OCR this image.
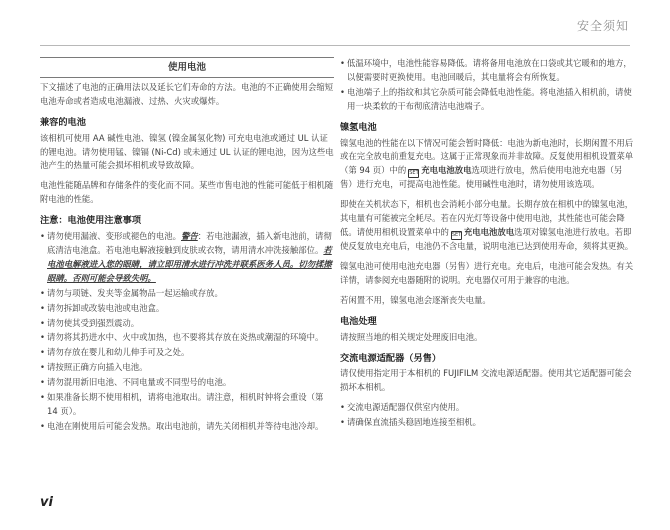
安全须知
使用电池

下文描述了电池的正确用法以及延长它们寿命的方法。电池的不正确使用会缩短电池寿命或者造成电池漏液、过热、火灾或爆炸。

兼容的电池

该相机可使用 AA 碱性电池、镍氢 (镍金属氢化物) 可充电电池或通过 UL 认证的锂电池。请勿使用锰、镍镉 (Ni-Cd) 或未通过 UL 认证的锂电池，因为这些电池产生的热量可能会损坏相机或导致故障。

电池性能随品牌和存储条件的变化而不同。某些市售电池的性能可能低于相机随附电池的性能。

注意：电池使用注意事项
• 请勿使用漏液、变形或褪色的电池。警告：若电池漏液，插入新电池前，请彻底清洁电池盒。若电池电解液接触到皮肤或衣物，请用清水冲洗接触部位。若电池电解液进入您的眼睛，请立即用清水进行冲洗并联系医务人员。切勿揉擦眼睛。否则可能会导致失明。
• 请勿与项链、发夹等金属物品一起运输或存放。
• 请勿拆卸或改装电池或电池盒。
• 请勿使其受到强烈震动。
• 请勿将其扔进水中、火中或加热，也不要将其存放在炎热或潮湿的环境中。
• 请勿存放在婴儿和幼儿伸手可及之处。
• 请按照正确方向插入电池。
• 请勿混用新旧电池、不同电量或不同型号的电池。
• 如果准备长期不使用相机，请将电池取出。请注意，相机时钟将会重设（第 14 页）。
• 电池在刚使用后可能会发热。取出电池前，请先关闭相机并等待电池冷却。
• 低温环境中，电池性能容易降低。请将备用电池放在口袋或其它暖和的地方，以便需要时更换使用。电池回暖后，其电量将会有所恢复。
• 电池端子上的指纹和其它杂质可能会降低电池性能。将电池插入相机前，请使用一块柔软的干布彻底清洁电池端子。
镍氢电池

镍氢电池的性能在以下情况可能会暂时降低：电池为新电池时，长期闲置不用后或在完全放电前重复充电。这属于正常现象而并非故障。反复使用相机设置菜单（第 94 页）中的 SET 充电电池放电选项进行放电，然后使用电池充电器（另售）进行充电，可提高电池性能。使用碱性电池时，请勿使用该选项。

即使在关机状态下，相机也会消耗小部分电量。长期存放在相机中的镍氢电池，其电量有可能被完全耗尽。若在闪光灯等设备中使用电池，其性能也可能会降低。请使用相机设置菜单中的 SET 充电电池放电选项对镍氢电池进行放电。若即使反复放电充电后，电池仍不含电量，说明电池已达到使用寿命，须将其更换。

镍氢电池可使用电池充电器（另售）进行充电。充电后，电池可能会发热。有关详情，请参阅充电器随附的说明。充电器仅可用于兼容的电池。

若闲置不用，镍氢电池会逐渐丧失电量。

电池处理

请按照当地的相关规定处理废旧电池。

交流电源适配器（另售）

请仅使用指定用于本相机的 FUJIFILM 交流电源适配器。使用其它适配器可能会损坏本相机。

• 交流电源适配器仅供室内使用。
• 请确保直流插头稳固地连接至相机。
vi
